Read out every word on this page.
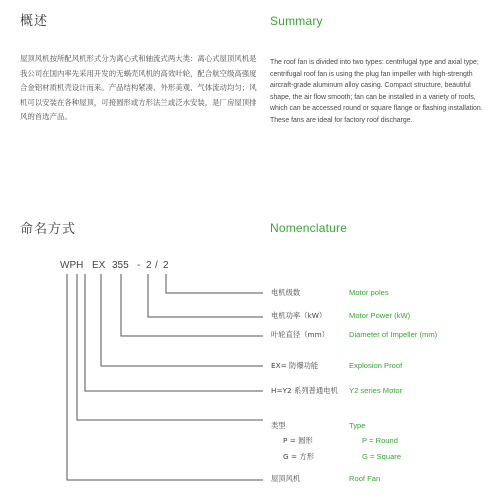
概述	Summary
屋顶风机按所配风机形式分为离心式和轴流式两大类：离心式屋顶风机是我公司在国内率先采用开发的无蜗壳风机的高效叶轮，配合航空级高强度合金铝材质机壳设计而来。产品结构紧凑、外形美观、气体流动均匀；风机可以安装在各种屋顶，可接圆形或方形法兰或泛水安装，是厂房屋顶排风的首选产品。
The roof fan is divided into two types: centrifugal type and axial type; centrifugal roof fan is using the plug fan impeller with high-strength aircraft-grade aluminum alloy casing. Compact structure, beautiful shape, the air flow smooth; fan can be installed in a variety of roofs, which can be accessed round or square flange or flashing installation. These fans are ideal for factory roof discharge.
命名方式	Nomenclature
WPH EX 355 - 2 / 2
电机级数	Motor poles
电机功率（kW）	Motor Power (kW)
叶轮直径（mm）	Diameter of Impeller (mm)
EX= 防爆功能	Explosion Proof
H=Y2 系列普通电机 Y2 series Motor
类型	Type
P = 圆形	P = Round
G = 方形	G = Square
屋顶风机	Roof Fan
